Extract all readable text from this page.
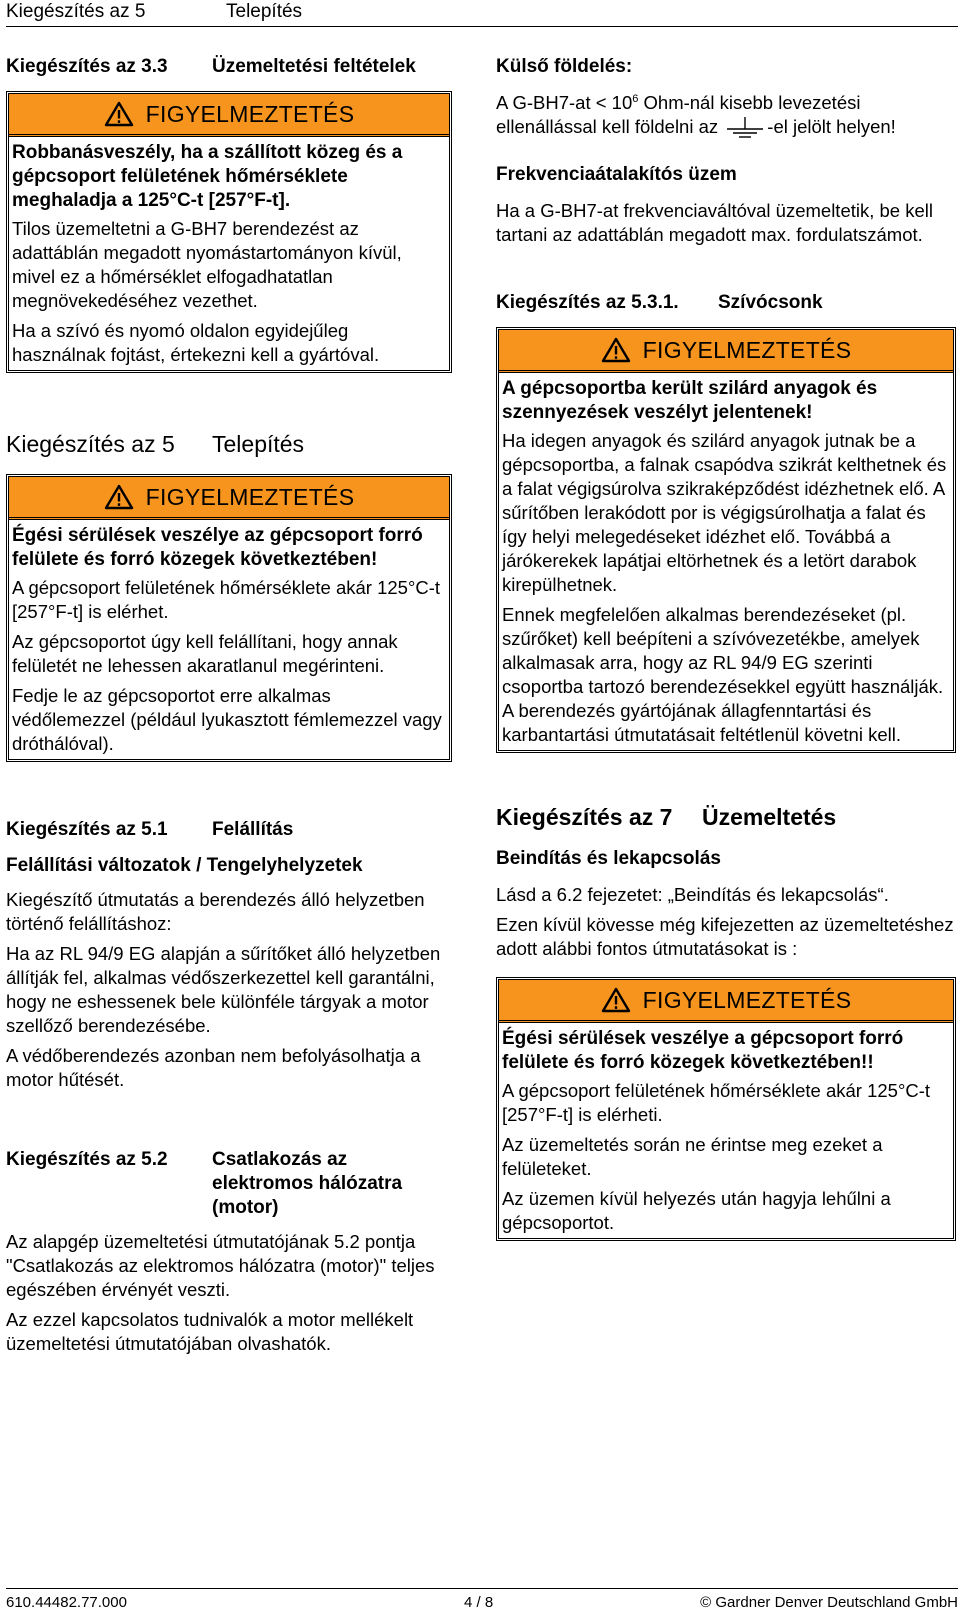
Kiegészítés az 5	Telepítés
Kiegészítés az 3.3	Üzemeltetési feltételek
FIGYELMEZTETÉS

Robbanásveszély, ha a szállított közeg és a gépcsoport felületének hőmérséklete meghaladja a 125°C-t [257°F-t].

Tilos üzemeltetni a G-BH7 berendezést az adattáblán megadott nyomástartományon kívül, mivel ez a hőmérséklet elfogadhatatlan megnövekedéséhez vezethet.

Ha a szívó és nyomó oldalon egyidejűleg használnak fojtást, értekezni kell a gyártóval.

Kiegészítés az 5	Telepítés
FIGYELMEZTETÉS

Égési sérülések veszélye az gépcsoport forró felülete és forró közegek következtében!

A gépcsoport felületének hőmérséklete akár 125°C-t [257°F-t] is elérhet.

Az gépcsoportot úgy kell felállítani, hogy annak felületét ne lehessen akaratlanul megérinteni.

Fedje le az gépcsoportot erre alkalmas védőlemezzel (például lyukasztott fémlemezzel vagy dróthálóval).

Kiegészítés az 5.1	Felállítás
Felállítási változatok / Tengelyhelyzetek

Kiegészítő útmutatás a berendezés álló helyzetben történő felállításhoz:

Ha az RL 94/9 EG alapján a sűrítőket álló helyzetben állítják fel, alkalmas védőszerkezettel kell garantálni, hogy ne eshessenek bele különféle tárgyak a motor szellőző berendezésébe.

A védőberendezés azonban nem befolyásolhatja a motor hűtését.

Kiegészítés az 5.2	Csatlakozás az elektromos hálózatra (motor)

Az alapgép üzemeltetési útmutatójának 5.2 pontja "Csatlakozás az elektromos hálózatra (motor)" teljes egészében érvényét veszti.

Az ezzel kapcsolatos tudnivalók a motor mellékelt üzemeltetési útmutatójában olvashatók.

Külső földelés:

A $G-BH7-at < 10^6$ Ohm-nál kisebb levezetési ellenállással kell földelni az -el jelölt helyen!

Frekvenciaátalakítós üzem

Ha a G-BH7-at frekvenciaváltóval üzemeltetik, be kell tartani az adattáblán megadott max. fordulatszámot.

Kiegészítés az 5.3.1.	Szívócsonk
FIGYELMEZTETÉS

A gépcsoportba került szilárd anyagok és szennyezések veszélyt jelentenek!

Ha idegen anyagok és szilárd anyagok jutnak be a gépcsoportba, a falnak csapódva szikrát kelthetnek és a falat végigsúrolva szikraképződést idézhetnek elő. A sűrítőben lerakódott por is végigsúrolhatja a falat és így helyi melegedéseket idézhet elő. Továbbá a járókerekek lapátjai eltörhetnek és a letört darabok kirepülhetnek.

Ennek megfelelően alkalmas berendezéseket (pl. szűrőket) kell beépíteni a szívóvezetékbe, amelyek alkalmasak arra, hogy az RL 94/9 EG szerinti csoportba tartozó berendezésekkel együtt használják. A berendezés gyártójának állagfenntartási és karbantartási útmutatásait feltétlenül követni kell.

Kiegészítés az 7	Üzemeltetés
Beindítás és lekapcsolás

Lásd a 6.2 fejezetet: „Beindítás és lekapcsolás“.

Ezen kívül kövesse még kifejezetten az üzemeltetéshez adott alábbi fontos útmutatásokat is :

FIGYELMEZTETÉS

Égési sérülések veszélye a gépcsoport forró felülete és forró közegek következtében!!

A gépcsoport felületének hőmérséklete akár 125°C-t [257°F-t] is elérheti.

Az üzemeltetés során ne érintse meg ezeket a felületeket.

Az üzemen kívül helyezés után hagyja lehűlni a gépcsoportot.

610.44482.77.000	4 / 8	© Gardner Denver Deutschland GmbH
